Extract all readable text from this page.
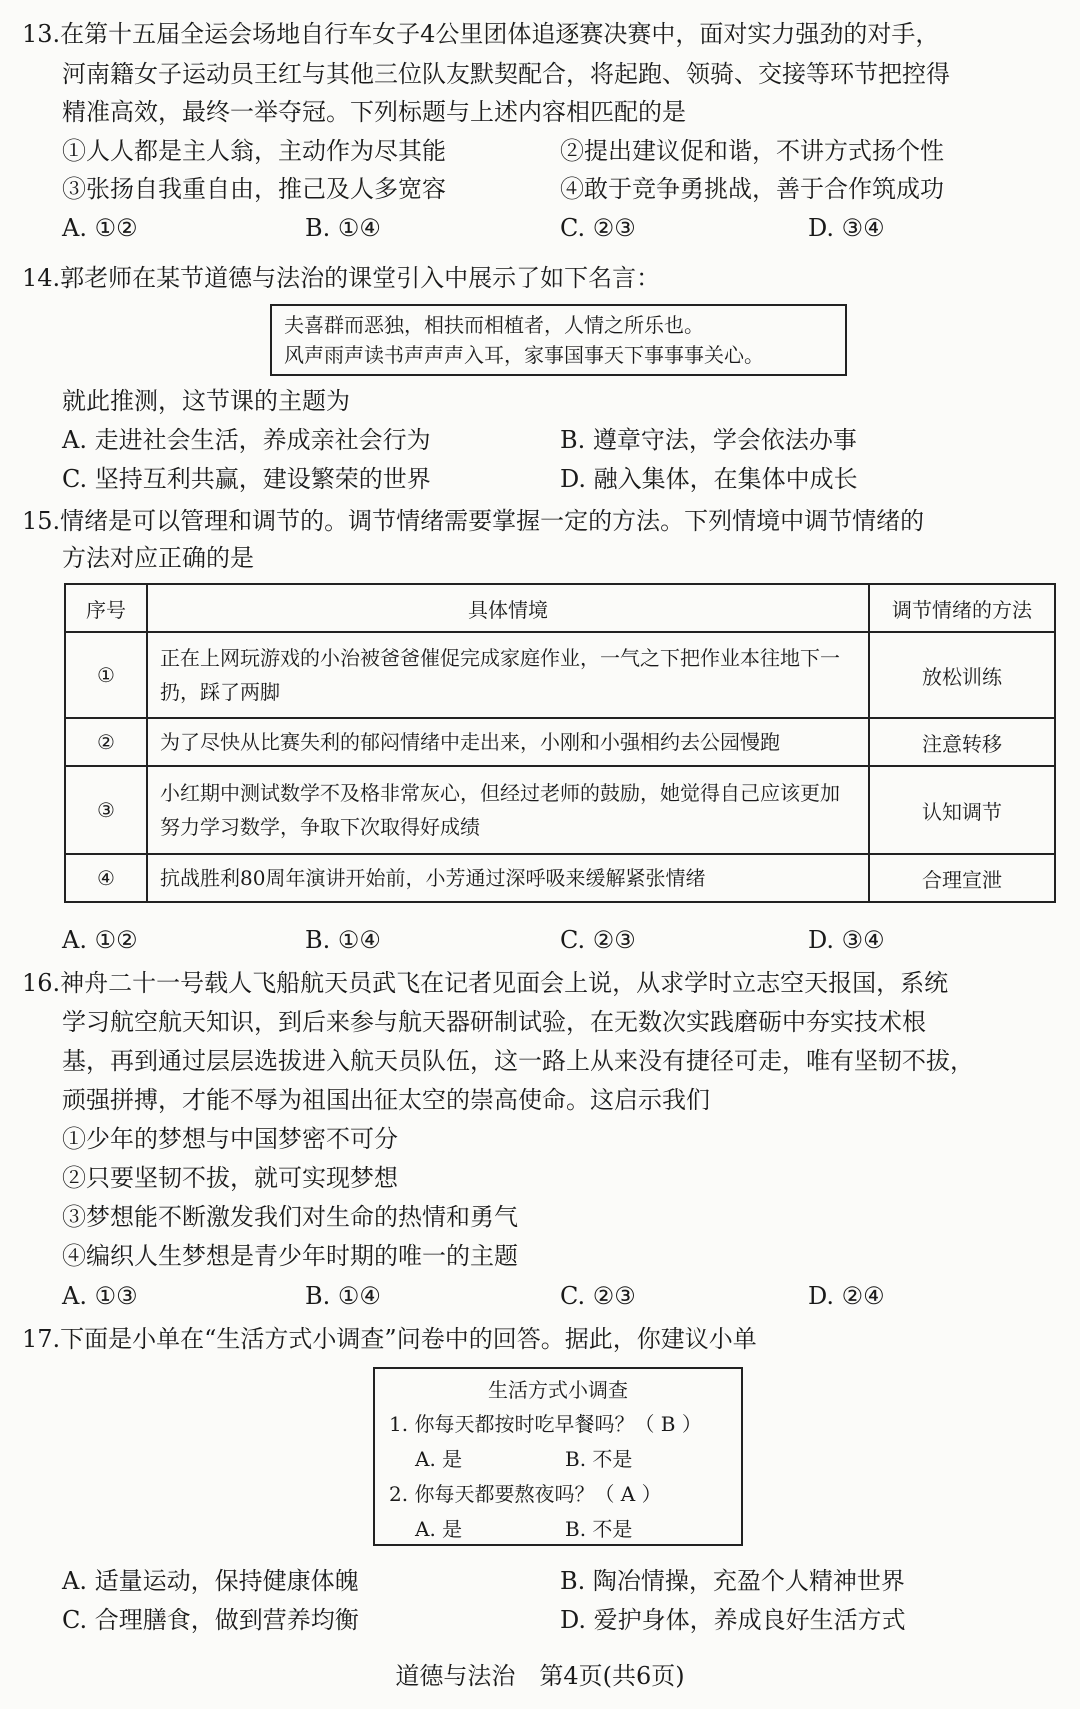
13.在第十五届全运会场地自行车女子4公里团体追逐赛决赛中，面对实力强劲的对手，
河南籍女子运动员王红与其他三位队友默契配合，将起跑、领骑、交接等环节把控得
精准高效，最终一举夺冠。下列标题与上述内容相匹配的是
①人人都是主人翁，主动作为尽其能	②提出建议促和谐，不讲方式扬个性
③张扬自我重自由，推己及人多宽容	④敢于竞争勇挑战，善于合作筑成功
A. ①②	B. ①④	C. ②③	D. ③④
14.郭老师在某节道德与法治的课堂引入中展示了如下名言：
夫喜群而恶独，相扶而相植者，人情之所乐也。
风声雨声读书声声声入耳，家事国事天下事事事关心。
就此推测，这节课的主题为
A. 走进社会生活，养成亲社会行为	B. 遵章守法，学会依法办事
C. 坚持互利共赢，建设繁荣的世界	D. 融入集体，在集体中成长
15.情绪是可以管理和调节的。调节情绪需要掌握一定的方法。下列情境中调节情绪的
方法对应正确的是
序号	具体情境	调节情绪的方法
①	正在上网玩游戏的小治被爸爸催促完成家庭作业，一气之下把作业本往地下一扔，踩了两脚	放松训练
②	为了尽快从比赛失利的郁闷情绪中走出来，小刚和小强相约去公园慢跑	注意转移
③	小红期中测试数学不及格非常灰心，但经过老师的鼓励，她觉得自己应该更加努力学习数学，争取下次取得好成绩	认知调节
④	抗战胜利80周年演讲开始前，小芳通过深呼吸来缓解紧张情绪	合理宣泄
A. ①②	B. ①④	C. ②③	D. ③④
16.神舟二十一号载人飞船航天员武飞在记者见面会上说，从求学时立志空天报国，系统
学习航空航天知识，到后来参与航天器研制试验，在无数次实践磨砺中夯实技术根
基，再到通过层层选拔进入航天员队伍，这一路上从来没有捷径可走，唯有坚韧不拔，
顽强拼搏，才能不辱为祖国出征太空的崇高使命。这启示我们
①少年的梦想与中国梦密不可分
②只要坚韧不拔，就可实现梦想
③梦想能不断激发我们对生命的热情和勇气
④编织人生梦想是青少年时期的唯一的主题
A. ①③	B. ①④	C. ②③	D. ②④
17.下面是小单在“生活方式小调查”问卷中的回答。据此，你建议小单
生活方式小调查
1. 你每天都按时吃早餐吗？（ B ）
A. 是	B. 不是
2. 你每天都要熬夜吗？（ A ）
A. 是	B. 不是
A. 适量运动，保持健康体魄	B. 陶冶情操，充盈个人精神世界
C. 合理膳食，做到营养均衡	D. 爱护身体，养成良好生活方式
道德与法治　第4页(共6页)
